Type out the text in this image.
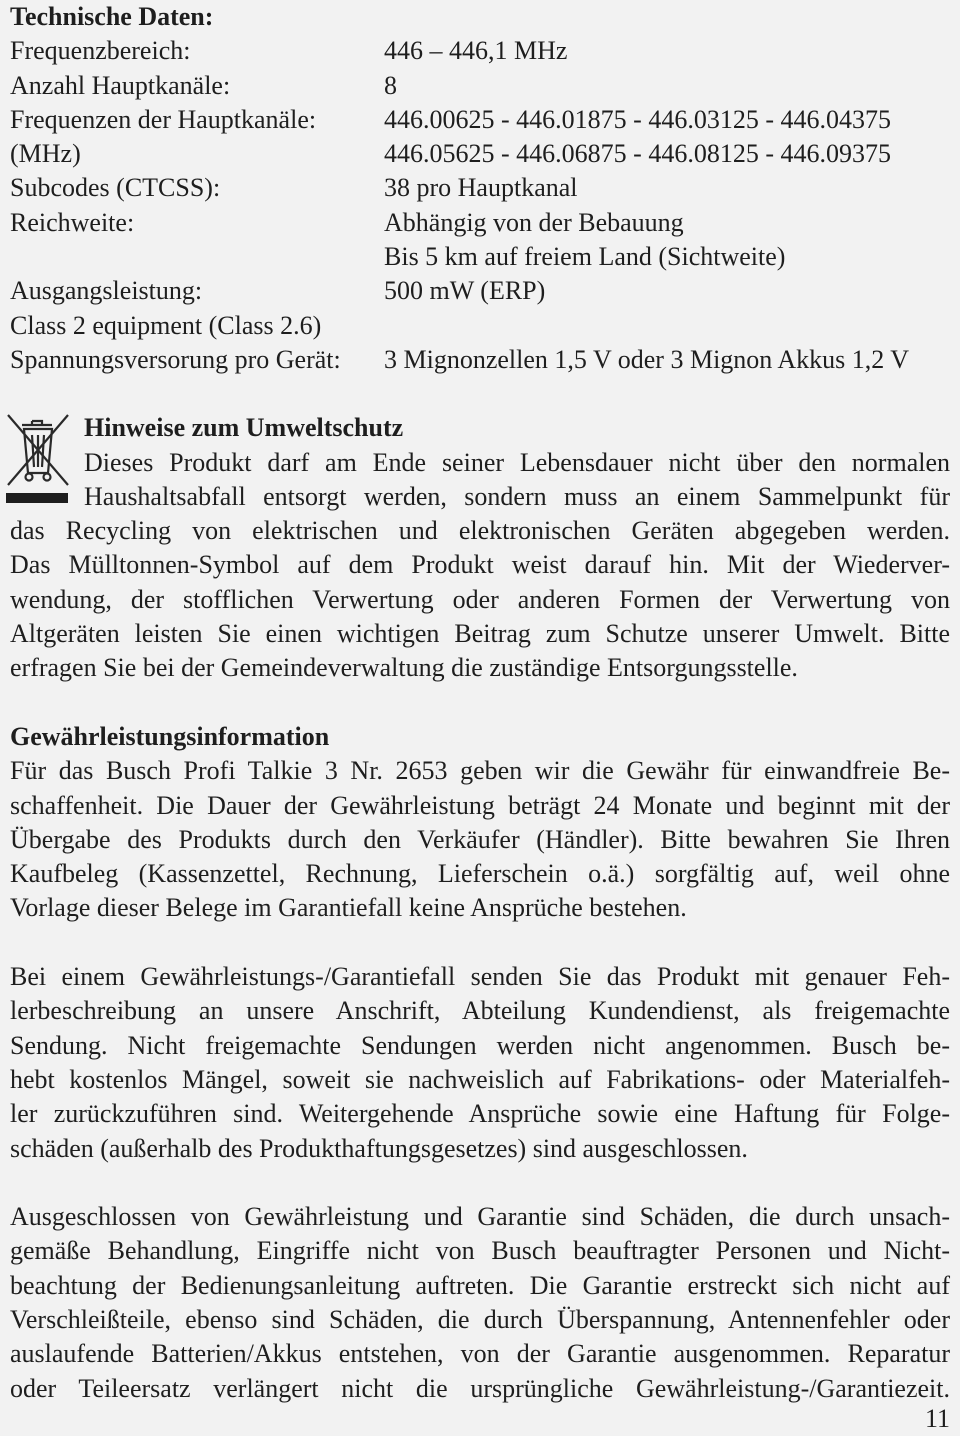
Technische Daten:
Frequenzbereich:	446 – 446,1 MHz
Anzahl Hauptkanäle:	8
Frequenzen der Hauptkanäle:	446.00625 - 446.01875 - 446.03125 - 446.04375
(MHz)	446.05625 - 446.06875 - 446.08125 - 446.09375
Subcodes (CTCSS):	38 pro Hauptkanal
Reichweite:	Abhängig von der Bebauung
Bis 5 km auf freiem Land (Sichtweite)
Ausgangsleistung:	500 mW (ERP)
Class 2 equipment (Class 2.6)
Spannungsversorung pro Gerät:	3 Mignonzellen 1,5 V oder 3 Mignon Akkus 1,2 V
Hinweise zum Umweltschutz
Dieses Produkt darf am Ende seiner Lebensdauer nicht über den normalen
Haushaltsabfall entsorgt werden, sondern muss an einem Sammelpunkt für
das Recycling von elektrischen und elektronischen Geräten abgegeben werden.
Das Mülltonnen-Symbol auf dem Produkt weist darauf hin. Mit der Wiederver-
wendung, der stofflichen Verwertung oder anderen Formen der Verwertung von
Altgeräten leisten Sie einen wichtigen Beitrag zum Schutze unserer Umwelt. Bitte
erfragen Sie bei der Gemeindeverwaltung die zuständige Entsorgungsstelle.
Gewährleistungsinformation
Für das Busch Profi Talkie 3 Nr. 2653 geben wir die Gewähr für einwandfreie Be-
schaffenheit. Die Dauer der Gewährleistung beträgt 24 Monate und beginnt mit der
Übergabe des Produkts durch den Verkäufer (Händler). Bitte bewahren Sie Ihren
Kaufbeleg (Kassenzettel, Rechnung, Lieferschein o.ä.) sorgfältig auf, weil ohne
Vorlage dieser Belege im Garantiefall keine Ansprüche bestehen.
Bei einem Gewährleistungs-/Garantiefall senden Sie das Produkt mit genauer Feh-
lerbeschreibung an unsere Anschrift, Abteilung Kundendienst, als freigemachte
Sendung. Nicht freigemachte Sendungen werden nicht angenommen. Busch be-
hebt kostenlos Mängel, soweit sie nachweislich auf Fabrikations- oder Materialfeh-
ler zurückzuführen sind. Weitergehende Ansprüche sowie eine Haftung für Folge-
schäden (außerhalb des Produkthaftungsgesetzes) sind ausgeschlossen.
Ausgeschlossen von Gewährleistung und Garantie sind Schäden, die durch unsach-
gemäße Behandlung, Eingriffe nicht von Busch beauftragter Personen und Nicht-
beachtung der Bedienungsanleitung auftreten. Die Garantie erstreckt sich nicht auf
Verschleißteile, ebenso sind Schäden, die durch Überspannung, Antennenfehler oder
auslaufende Batterien/Akkus entstehen, von der Garantie ausgenommen. Reparatur
oder Teileersatz verlängert nicht die ursprüngliche Gewährleistung-/Garantiezeit.
11
